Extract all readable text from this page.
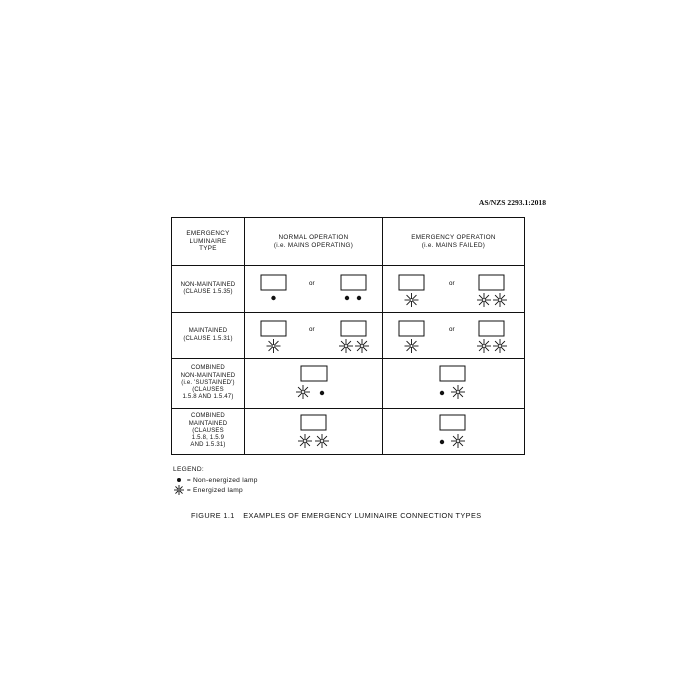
AS/NZS 2293.1:2018
EMERGENCY
LUMINAIRE
TYPE
NORMAL OPERATION
(i.e. MAINS OPERATING)
EMERGENCY OPERATION
(i.e. MAINS FAILED)
NON-MAINTAINED
(CLAUSE 1.5.35)
or	or
MAINTAINED
(CLAUSE 1.5.31)
or	or
COMBINED
NON-MAINTAINED
(i.e. 'SUSTAINED')
(CLAUSES
1.5.8 AND 1.5.47)
COMBINED
MAINTAINED
(CLAUSES
1.5.8, 1.5.9
AND 1.5.31)
LEGEND:
= Non-energized lamp
= Energized lamp
FIGURE 1.1 EXAMPLES OF EMERGENCY LUMINAIRE CONNECTION TYPES
